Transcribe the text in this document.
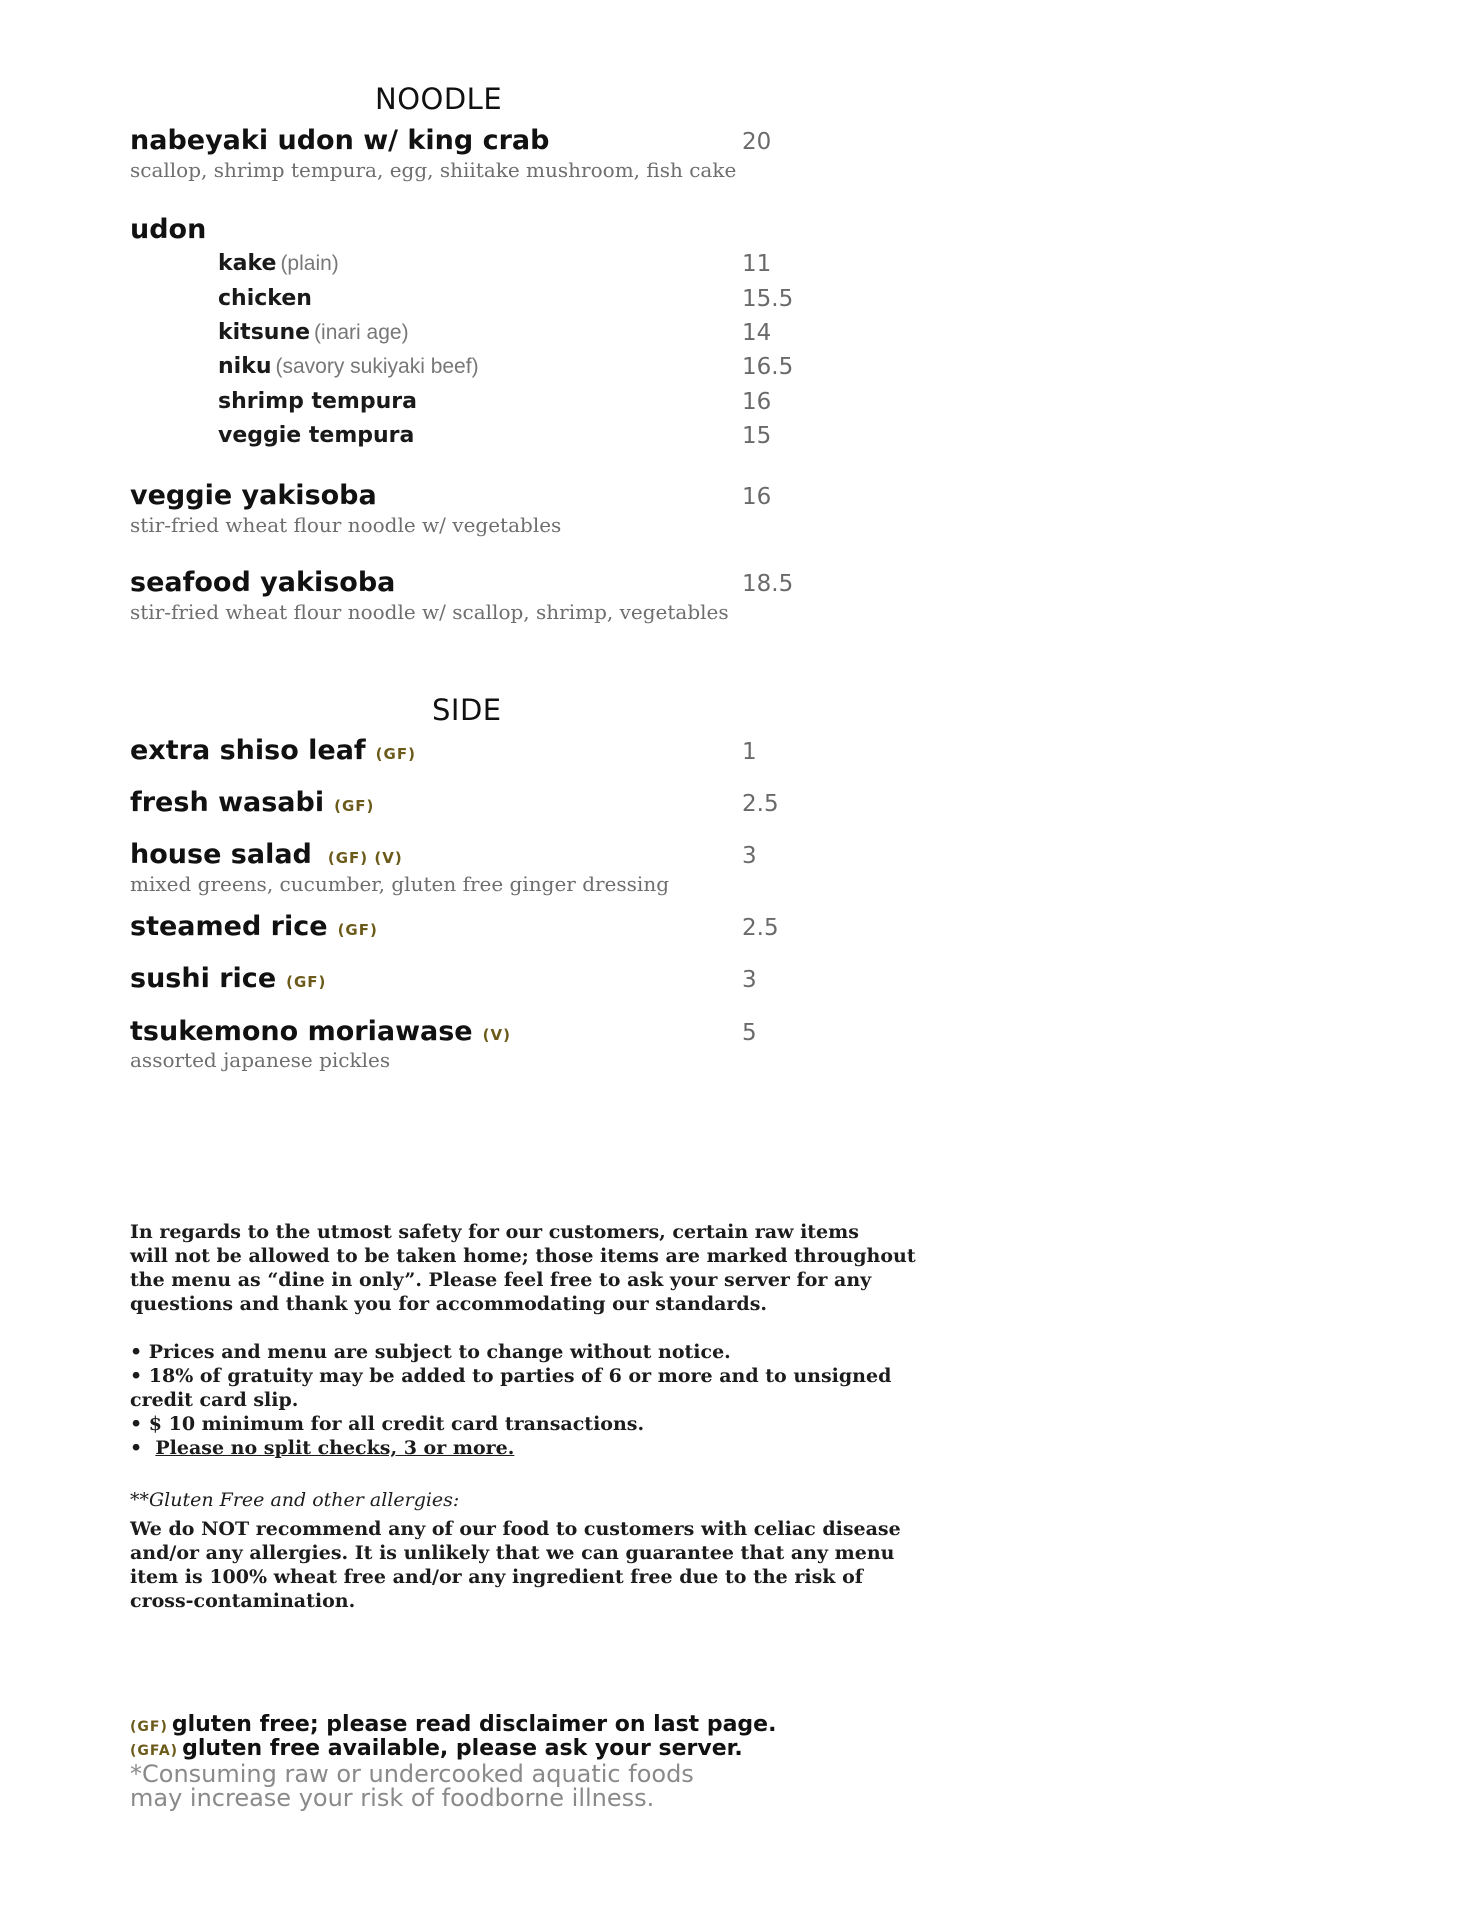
NOODLE
nabeyaki udon w/ king crab	20
scallop, shrimp tempura, egg, shiitake mushroom, fish cake
udon
kake (plain)	11
chicken	15.5
kitsune (inari age)	14
niku (savory sukiyaki beef)	16.5
shrimp tempura	16
veggie tempura	15
veggie yakisoba	16
stir-fried wheat flour noodle w/ vegetables
seafood yakisoba	18.5
stir-fried wheat flour noodle w/ scallop, shrimp, vegetables
SIDE
extra shiso leaf (GF)	1
fresh wasabi (GF)	2.5
house salad (GF) (V)	3
mixed greens, cucumber, gluten free ginger dressing
steamed rice (GF)	2.5
sushi rice (GF)	3
tsukemono moriawase (V)	5
assorted japanese pickles
In regards to the utmost safety for our customers, certain raw items
will not be allowed to be taken home; those items are marked throughout
the menu as “dine in only”. Please feel free to ask your server for any
questions and thank you for accommodating our standards.
• Prices and menu are subject to change without notice.
• 18% of gratuity may be added to parties of 6 or more and to unsigned
credit card slip.
• $ 10 minimum for all credit card transactions.
•  Please no split checks, 3 or more.
**Gluten Free and other allergies:
We do NOT recommend any of our food to customers with celiac disease
and/or any allergies. It is unlikely that we can guarantee that any menu
item is 100% wheat free and/or any ingredient free due to the risk of
cross-contamination.
(GF) gluten free; please read disclaimer on last page.
(GFA) gluten free available, please ask your server.
*Consuming raw or undercooked aquatic foods
may increase your risk of foodborne illness.
